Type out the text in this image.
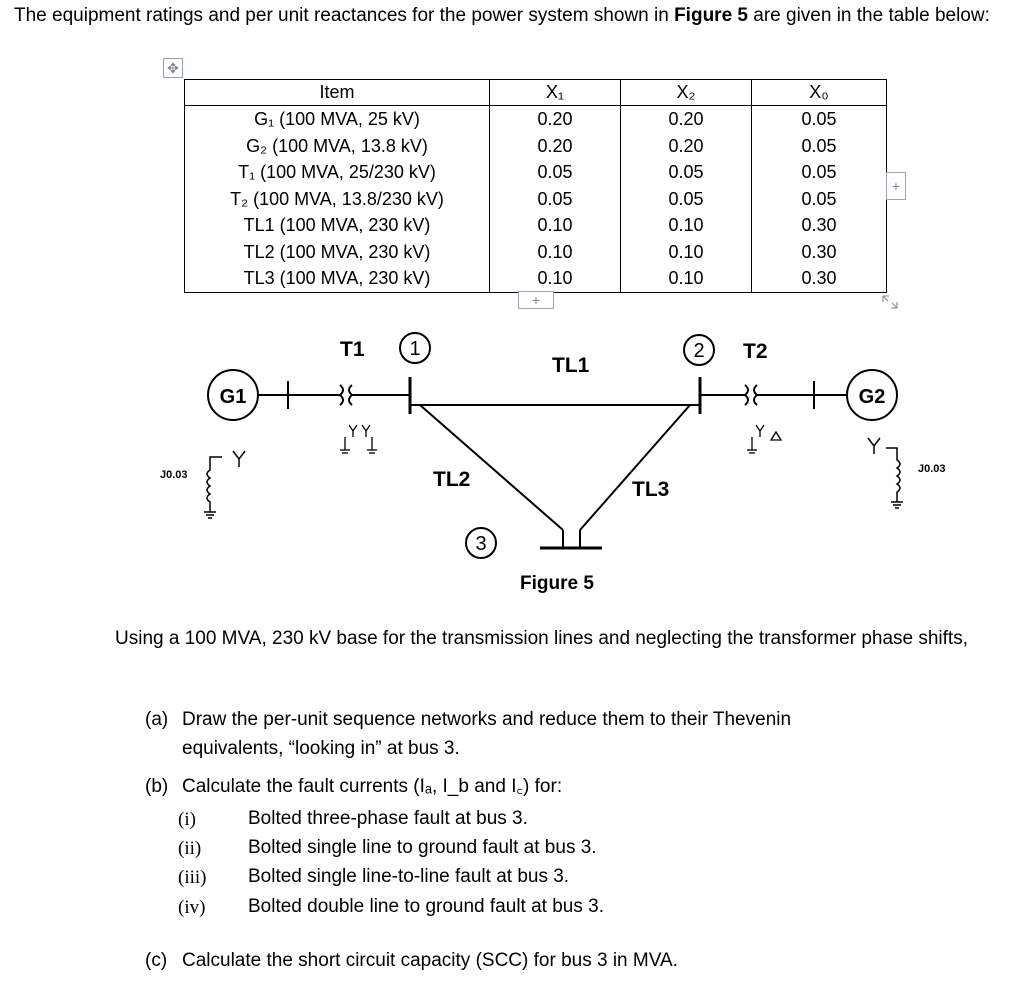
The equipment ratings and per unit reactances for the power system shown in Figure 5 are given in the table below:
✥
Item	X₁	X₂	X₀
G₁ (100 MVA, 25 kV)	0.20	0.20	0.05
G₂ (100 MVA, 13.8 kV)	0.20	0.20	0.05
T₁ (100 MVA, 25/230 kV)	0.05	0.05	0.05
T₂ (100 MVA, 13.8/230 kV)	0.05	0.05	0.05
TL1 (100 MVA, 230 kV)	0.10	0.10	0.30
TL2 (100 MVA, 230 kV)	0.10	0.10	0.30
TL3 (100 MVA, 230 kV)	0.10	0.10	0.30
+
+
G1	G2
T1	T2
1	2
3
TL1
TL2	TL3
J0.03	J0.03
Figure 5
Using a 100 MVA, 230 kV base for the transmission lines and neglecting the transformer phase shifts,
(a) Draw the per-unit sequence networks and reduce them to their Thevenin
equivalents, “looking in” at bus 3.
(b) Calculate the fault currents (Iₐ, I_b and I꜀) for:
(i)	Bolted three-phase fault at bus 3.
(ii) Bolted single line to ground fault at bus 3.
(iii) Bolted single line-to-line fault at bus 3.
(iv) Bolted double line to ground fault at bus 3.
(c) Calculate the short circuit capacity (SCC) for bus 3 in MVA.
